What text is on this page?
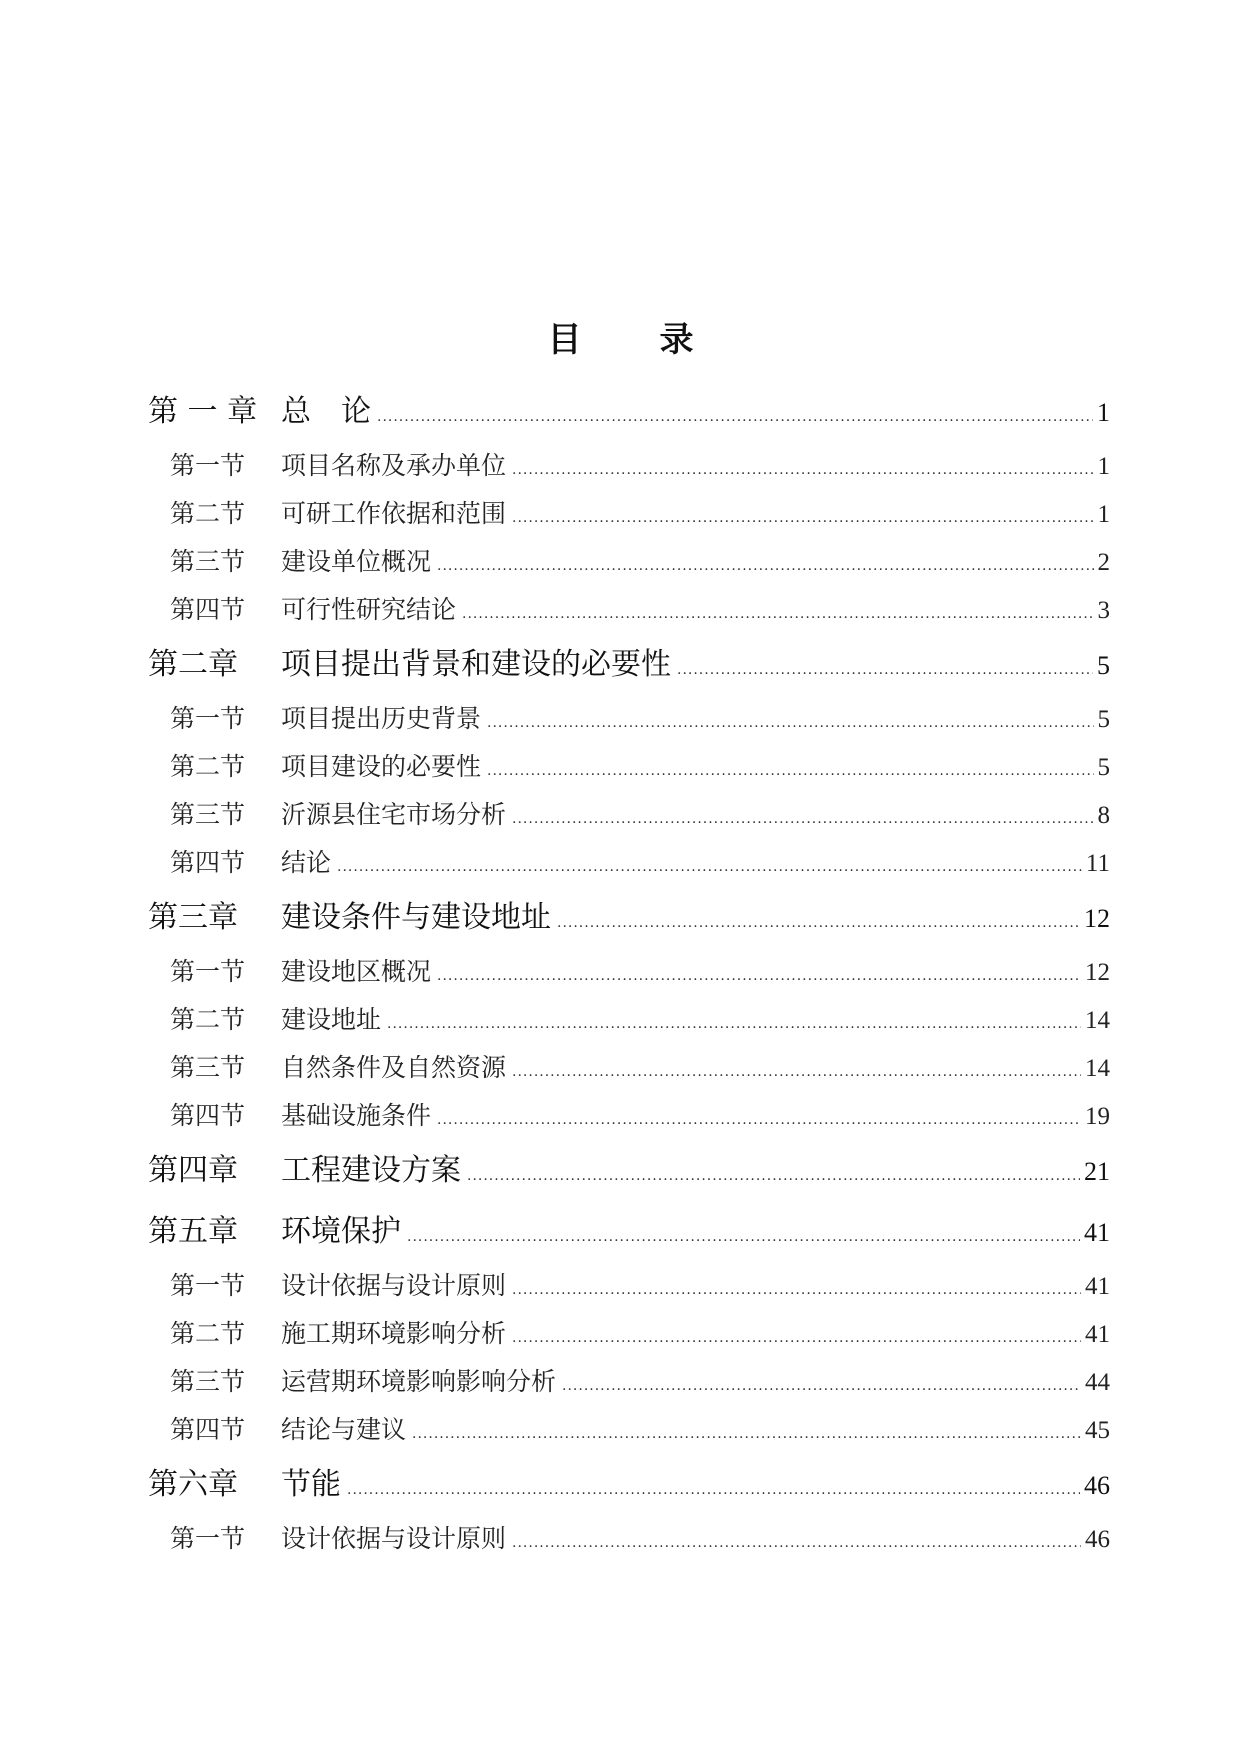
目 录
第 一 章 总　论 .....	1
第一节	项目名称及承办单位 .....	1
第二节	可研工作依据和范围 .....	1
第三节	建设单位概况 .....	2
第四节	可行性研究结论 .....	3
第二章	项目提出背景和建设的必要性 .....	5
第一节	项目提出历史背景 .....	5
第二节	项目建设的必要性 .....	5
第三节	沂源县住宅市场分析 .....	8
第四节	结论 .....	11
第三章	建设条件与建设地址 .....	12
第一节	建设地区概况 .....	12
第二节	建设地址 .....	14
第三节	自然条件及自然资源 .....	14
第四节	基础设施条件 .....	19
第四章	工程建设方案 .....	21
第五章	环境保护 .....	41
第一节	设计依据与设计原则 .....	41
第二节	施工期环境影响分析 .....	41
第三节	运营期环境影响影响分析 .....	44
第四节	结论与建议 .....	45
第六章	节能 .....	46
第一节	设计依据与设计原则 .....	46
